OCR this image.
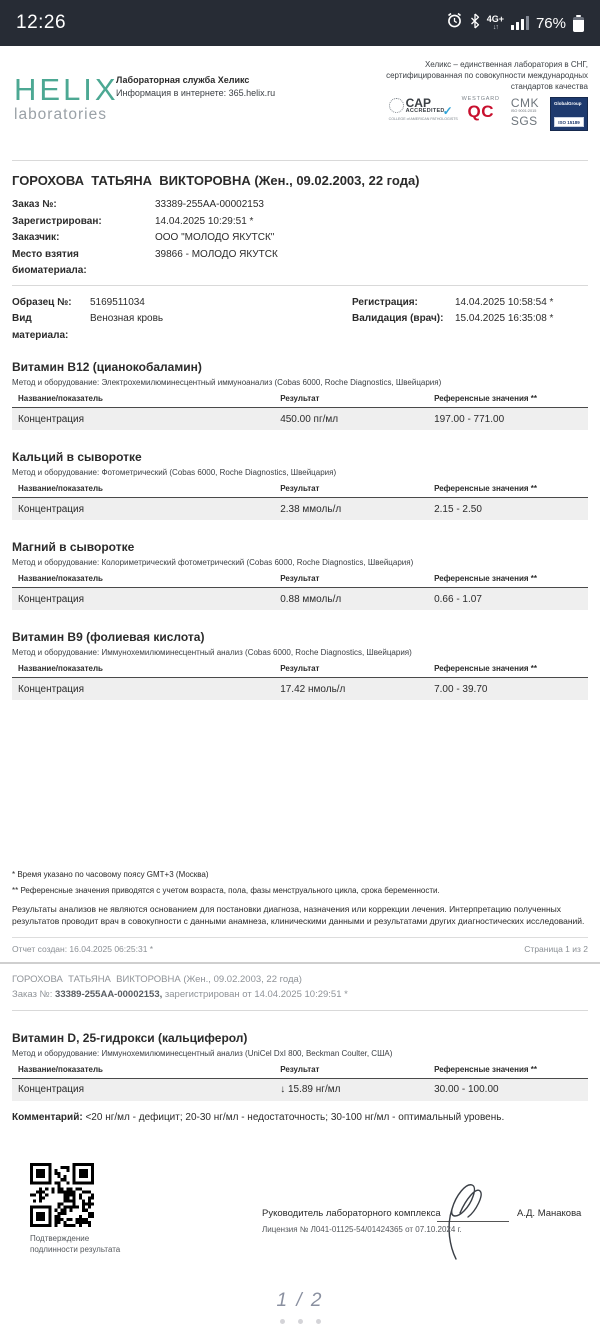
12:26	4G+
↓↑	76%
HELIX
laboratories
Лабораторная служба Хеликс
Информация в интернете: 365.helix.ru
Хеликс – единственная лаборатория в СНГ, сертифицированная по совокупности международных стандартов качества
CAP
ACCREDITED
✓
COLLEGE of AMERICAN PATHOLOGISTS
WESTGARD
QC	CMK
ISO 9001:2015
SGS
GlobalGroup
ISO 15189
ГОРОХОВА  ТАТЬЯНА  ВИКТОРОВНА (Жен., 09.02.2003, 22 года)
Заказ №:	33389-255AA-00002153
Зарегистрирован:	14.04.2025 10:29:51 *
Заказчик:	ООО "МОЛОДО ЯКУТСК"
Место взятия биоматериала:
39866 - МОЛОДО ЯКУТСК
Образец №:	5169511034
Вид материала:
Венозная кровь
Регистрация:	14.04.2025 10:58:54 *
Валидация (врач):	15.04.2025 16:35:08 *
Витамин B12 (цианокобаламин)
Метод и оборудование: Электрохемилюминесцентный иммуноанализ (Cobas 6000, Roche Diagnostics, Швейцария)
Название/показатель	Результат	Референсные значения **
Концентрация	450.00 пг/мл	197.00 - 771.00
Кальций в сыворотке
Метод и оборудование: Фотометрический (Cobas 6000, Roche Diagnostics, Швейцария)
Название/показатель	Результат	Референсные значения **
Концентрация	2.38 ммоль/л	2.15 - 2.50
Магний в сыворотке
Метод и оборудование: Колориметрический фотометрический (Cobas 6000, Roche Diagnostics, Швейцария)
Название/показатель	Результат	Референсные значения **
Концентрация	0.88 ммоль/л	0.66 - 1.07
Витамин B9 (фолиевая кислота)
Метод и оборудование: Иммунохемилюминесцентный анализ (Cobas 6000, Roche Diagnostics, Швейцария)
Название/показатель	Результат	Референсные значения **
Концентрация	17.42 нмоль/л	7.00 - 39.70
* Время указано по часовому поясу GMT+3 (Москва)
** Референсные значения приводятся с учетом возраста, пола, фазы менструального цикла, срока беременности.
Результаты анализов не являются основанием для постановки диагноза, назначения или коррекции лечения. Интерпретацию полученных результатов проводит врач в совокупности с данными анамнеза, клиническими данными и результатами других диагностических исследований.
Отчет создан: 16.04.2025 06:25:31 *	Страница 1 из 2
ГОРОХОВА  ТАТЬЯНА  ВИКТОРОВНА (Жен., 09.02.2003, 22 года)
Заказ №: 33389-255AA-00002153, зарегистрирован от 14.04.2025 10:29:51 *
Витамин D, 25-гидрокси (кальциферол)
Метод и оборудование: Иммунохемилюминесцентный анализ (UniCel DxI 800, Beckman Coulter, США)
Название/показатель	Результат	Референсные значения **
Концентрация	↓ 15.89 нг/мл	30.00 - 100.00
Комментарий: <20 нг/мл - дефицит; 20-30 нг/мл - недостаточность; 30-100 нг/мл - оптимальный уровень.
Подтверждение
подлинности результата
Руководитель лабораторного комплекса	А.Д. Манакова
Лицензия № Л041-01125-54/01424365 от 07.10.2024 г.
1 / 2
